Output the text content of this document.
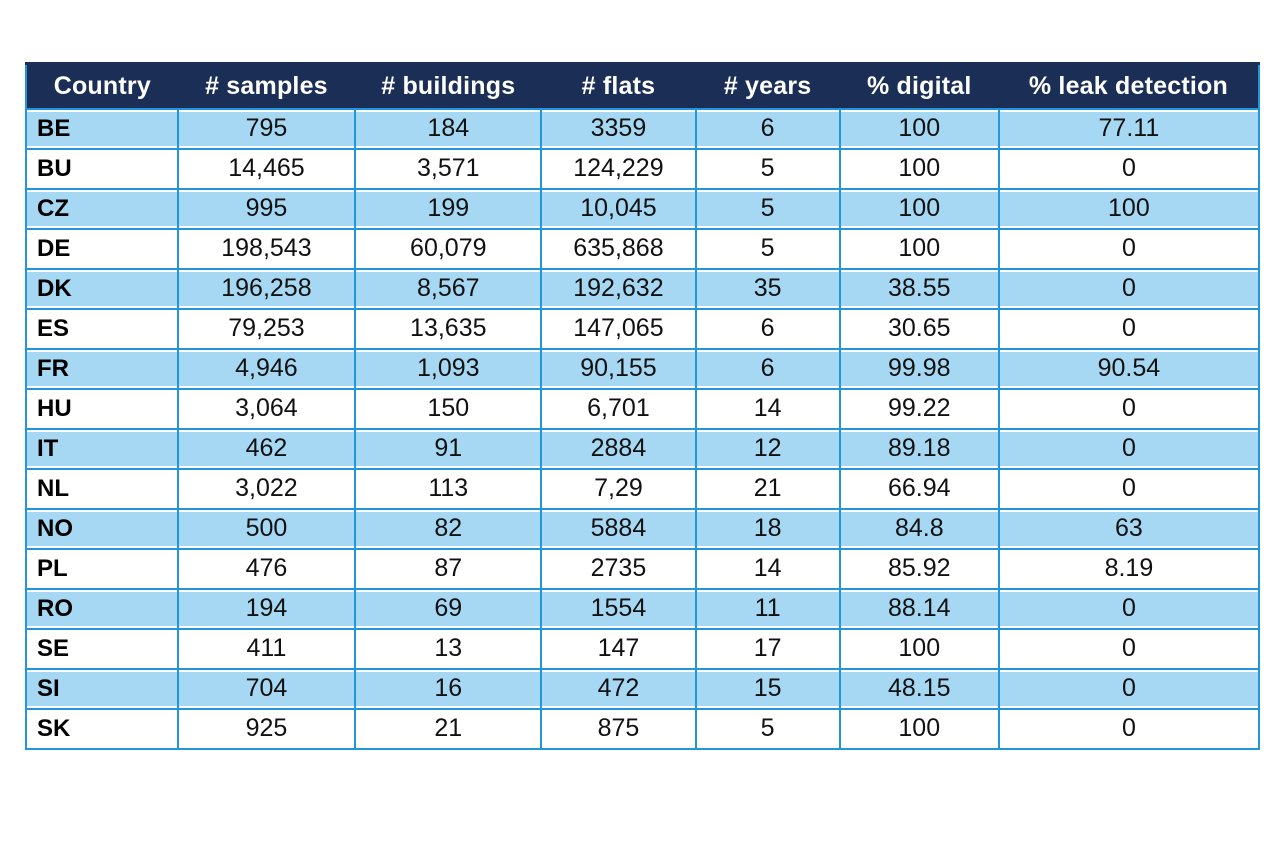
Country	# samples	# buildings	# flats	# years	% digital	% leak detection
BE	795	184	3359	6	100	77.11
BU	14,465	3,571	124,229	5	100	0
CZ	995	199	10,045	5	100	100
DE	198,543	60,079	635,868	5	100	0
DK	196,258	8,567	192,632	35	38.55	0
ES	79,253	13,635	147,065	6	30.65	0
FR	4,946	1,093	90,155	6	99.98	90.54
HU	3,064	150	6,701	14	99.22	0
IT	462	91	2884	12	89.18	0
NL	3,022	113	7,29	21	66.94	0
NO	500	82	5884	18	84.8	63
PL	476	87	2735	14	85.92	8.19
RO	194	69	1554	11	88.14	0
SE	411	13	147	17	100	0
SI	704	16	472	15	48.15	0
SK	925	21	875	5	100	0
